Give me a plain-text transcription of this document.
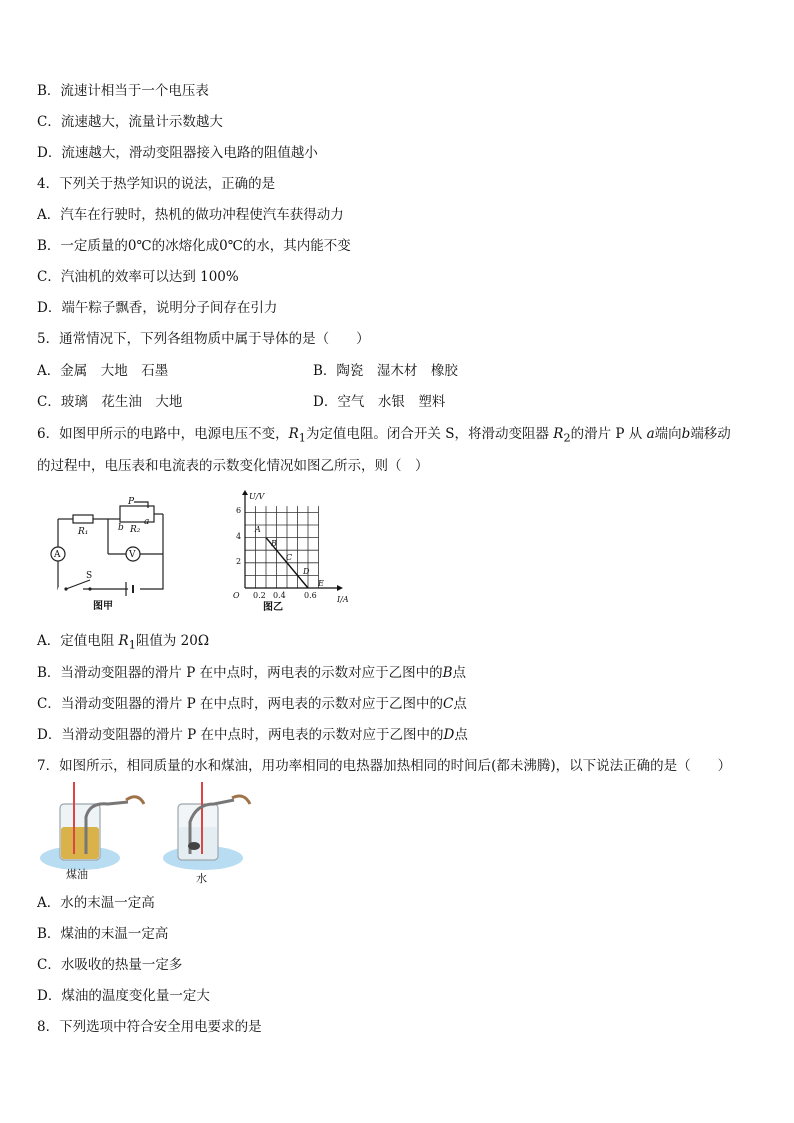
B．流速计相当于一个电压表
C．流速越大，流量计示数越大
D．流速越大，滑动变阻器接入电路的阻值越小
4．下列关于热学知识的说法，正确的是
A．汽车在行驶时，热机的做功冲程使汽车获得动力
B．一定质量的0℃的冰熔化成0℃的水，其内能不变
C．汽油机的效率可以达到 100%
D．端午粽子飘香，说明分子间存在引力
5．通常情况下，下列各组物质中属于导体的是（　　）
A．金属　大地　石墨	B．陶瓷　湿木材　橡胶
C．玻璃　花生油　大地	D．空气　水银　塑料
6．如图甲所示的电路中，电源电压不变，$R_1$为定值电阻。闭合开关 S，将滑动变阻器 $R_2$的滑片 P 从 a端向b端移动
的过程中，电压表和电流表的示数变化情况如图乙所示，则（　）
A	V
R₁	R₂
b
a
P
S
图甲
U/V
I/A
O
2
4
6
0.2 0.4 0.6
A
B
C
D
E
图乙
A．定值电阻 $R_1$阻值为 20Ω
B．当滑动变阻器的滑片 P 在中点时，两电表的示数对应于乙图中的B点
C．当滑动变阻器的滑片 P 在中点时，两电表的示数对应于乙图中的C点
D．当滑动变阻器的滑片 P 在中点时，两电表的示数对应于乙图中的D点
7．如图所示，相同质量的水和煤油，用功率相同的电热器加热相同的时间后(都未沸腾)，以下说法正确的是（　　）
煤油	水
A．水的末温一定高
B．煤油的末温一定高
C．水吸收的热量一定多
D．煤油的温度变化量一定大
8．下列选项中符合安全用电要求的是
